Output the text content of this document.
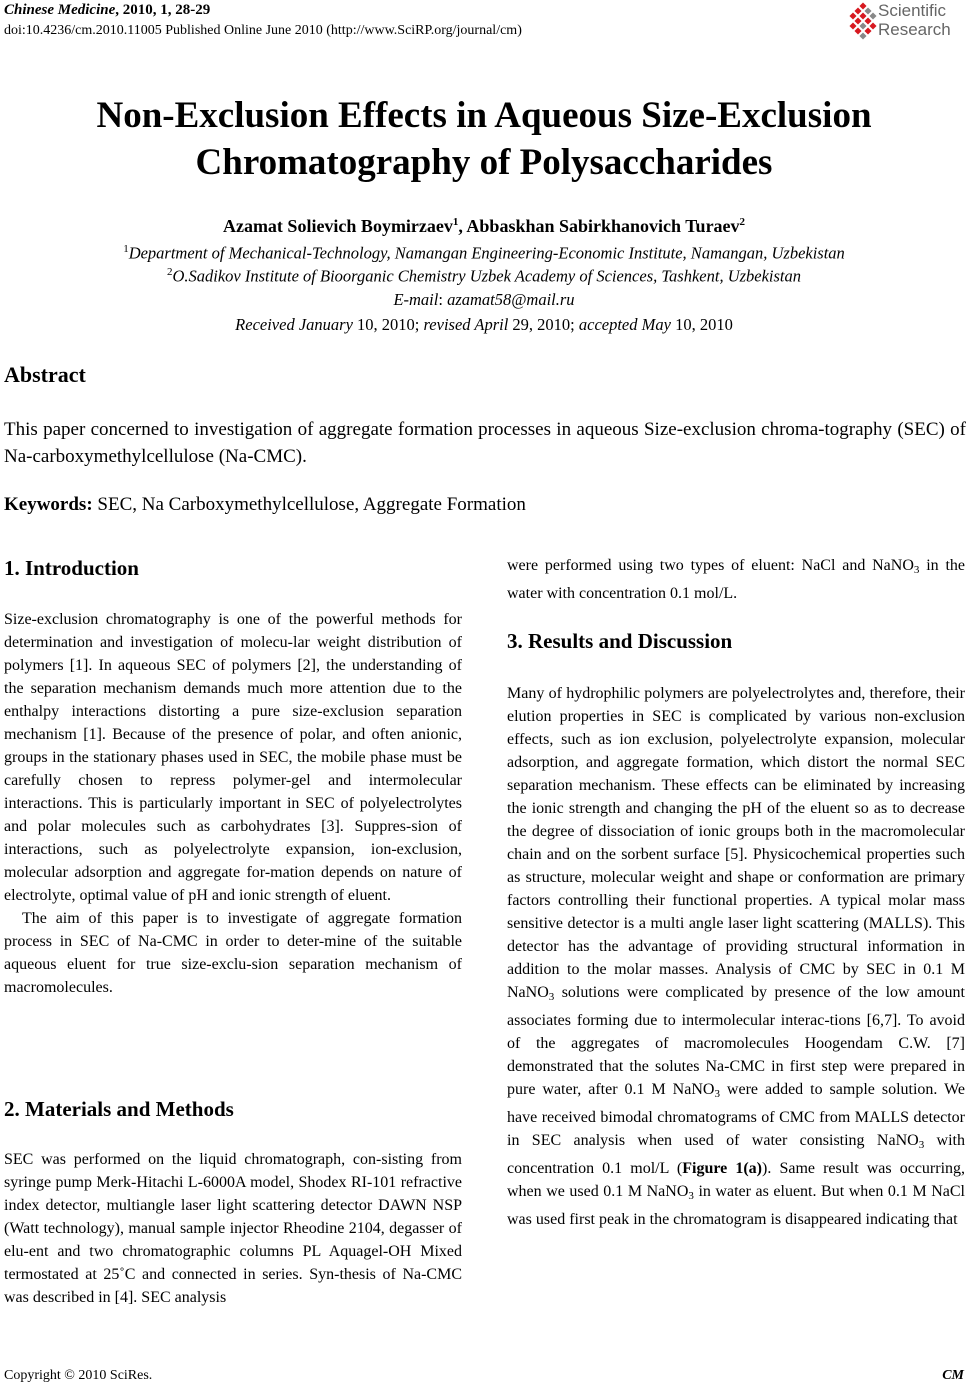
Chinese Medicine, 2010, 1, 28-29
doi:10.4236/cm.2010.11005 Published Online June 2010 (http://www.SciRP.org/journal/cm)
Scientific
Research
Non-Exclusion Effects in Aqueous Size-Exclusion
Chromatography of Polysaccharides
Azamat Solievich Boymirzaev$^1$, Abbaskhan Sabirkhanovich Turaev$^2$
$^1$Department of Mechanical-Technology, Namangan Engineering-Economic Institute, Namangan, Uzbekistan
$^2$O.Sadikov Institute of Bioorganic Chemistry Uzbek Academy of Sciences, Tashkent, Uzbekistan
E-mail: azamat58@mail.ru
Received January 10, 2010; revised April 29, 2010; accepted May 10, 2010
Abstract
This paper concerned to investigation of aggregate formation processes in aqueous Size-exclusion chroma-tography (SEC) of Na-carboxymethylcellulose (Na-CMC).
Keywords: SEC, Na Carboxymethylcellulose, Aggregate Formation
1. Introduction

Size-exclusion chromatography is one of the powerful methods for determination and investigation of molecu-lar weight distribution of polymers [1]. In aqueous SEC of polymers [2], the understanding of the separation mechanism demands much more attention due to the enthalpy interactions distorting a pure size-exclusion separation mechanism [1]. Because of the presence of polar, and often anionic, groups in the stationary phases used in SEC, the mobile phase must be carefully chosen to repress polymer-gel and intermolecular interactions. This is particularly important in SEC of polyelectrolytes and polar molecules such as carbohydrates [3]. Suppres-sion of interactions, such as polyelectrolyte expansion, ion-exclusion, molecular adsorption and aggregate for-mation depends on nature of electrolyte, optimal value of pH and ionic strength of eluent.

The aim of this paper is to investigate of aggregate formation process in SEC of Na-CMC in order to deter-mine of the suitable aqueous eluent for true size-exclu-sion separation mechanism of macromolecules.

2. Materials and Methods

SEC was performed on the liquid chromatograph, con-sisting from syringe pump Merk-Hitachi L-6000A model, Shodex RI-101 refractive index detector, multiangle laser light scattering detector DAWN NSP (Watt technology), manual sample injector Rheodine 2104, degasser of elu-ent and two chromatographic columns PL Aquagel-OH Mixed termostated at 25˚C and connected in series. Syn-thesis of Na-CMC was described in [4]. SEC analysis

were performed using two types of eluent: NaCl and NaNO$_3$ in the water with concentration 0.1 mol/L.

3. Results and Discussion

Many of hydrophilic polymers are polyelectrolytes and, therefore, their elution properties in SEC is complicated by various non-exclusion effects, such as ion exclusion, polyelectrolyte expansion, molecular adsorption, and aggregate formation, which distort the normal SEC separation mechanism. These effects can be eliminated by increasing the ionic strength and changing the pH of the eluent so as to decrease the degree of dissociation of ionic groups both in the macromolecular chain and on the sorbent surface [5]. Physicochemical properties such as structure, molecular weight and shape or conformation are primary factors controlling their functional properties. A typical molar mass sensitive detector is a multi angle laser light scattering (MALLS). This detector has the advantage of providing structural information in addition to the molar masses. Analysis of CMC by SEC in 0.1 M NaNO$_3$ solutions were complicated by presence of the low amount associates forming due to intermolecular interac-tions [6,7]. To avoid of the aggregates of macromolecules Hoogendam C.W. [7] demonstrated that the solutes Na-CMC in first step were prepared in pure water, after 0.1 M NaNO$_3$ were added to sample solution. We have received bimodal chromatograms of CMC from MALLS detector in SEC analysis when used of water consisting NaNO$_3$ with concentration 0.1 mol/L (Figure 1(a)). Same result was occurring, when we used 0.1 M NaNO$_3$ in water as eluent. But when 0.1 M NaCl was used first peak in the chromatogram is disappeared indicating that

Copyright © 2010 SciRes.	CM
